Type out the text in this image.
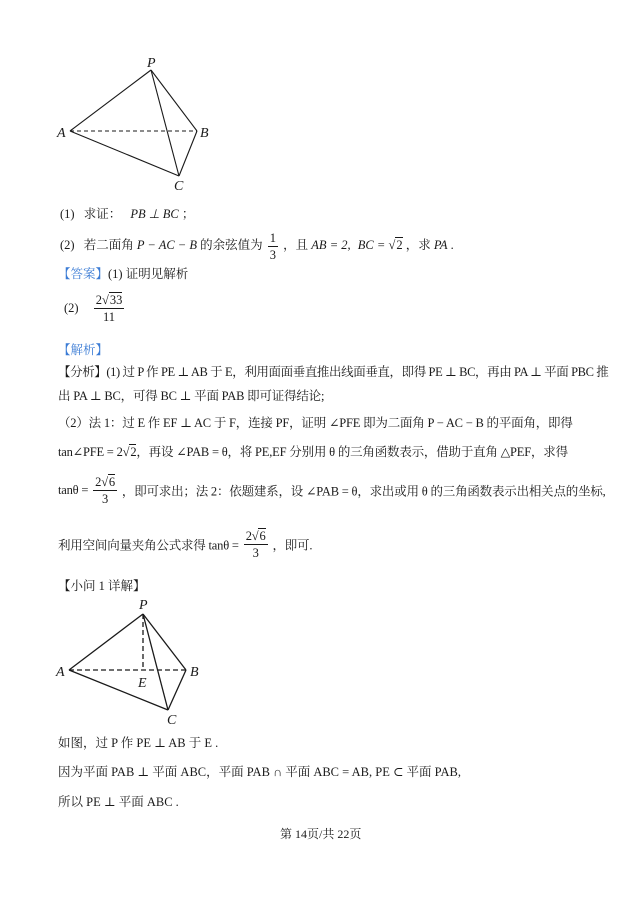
P
A	B
C
(1) 求证： PB ⊥ BC ；
(2) 若二面角 P − AC − B 的余弦值为 $\frac{1}{3}$ ，且 AB = 2, BC = √2 ，求 PA .
【答案】(1) 证明见解析
$(2) \frac{2√33}{11}$
【解析】
【分析】(1) 过 P 作 PE ⊥ AB 于 E，利用面面垂直推出线面垂直，即得 PE ⊥ BC，再由 PA ⊥ 平面 PBC 推
出 PA ⊥ BC，可得 BC ⊥ 平面 PAB 即可证得结论;
（2）法 1：过 E 作 EF ⊥ AC 于 F，连接 PF，证明 ∠PFE 即为二面角 P − AC − B 的平面角，即得
tan∠PFE = 2√2，再设 ∠PAB = θ，将 PE,EF 分别用 θ 的三角函数表示，借助于直角 △PEF，求得
$\tan\theta = \frac{2√6}{3}$ ，即可求出；法 2：依题建系，设 ∠PAB = θ，求出或用 θ 的三角函数表示出相关点的坐标,
利用空间向量夹角公式求得 $\tan\theta = \frac{2√6}{3}$ ，即可.
【小问 1 详解】
P
A	B
E
C
如图，过 P 作 PE ⊥ AB 于 E .
因为平面 PAB ⊥ 平面 ABC，平面 PAB ∩ 平面 ABC = AB, PE ⊂ 平面 PAB,
所以 PE ⊥ 平面 ABC .
第 14页/共 22页
